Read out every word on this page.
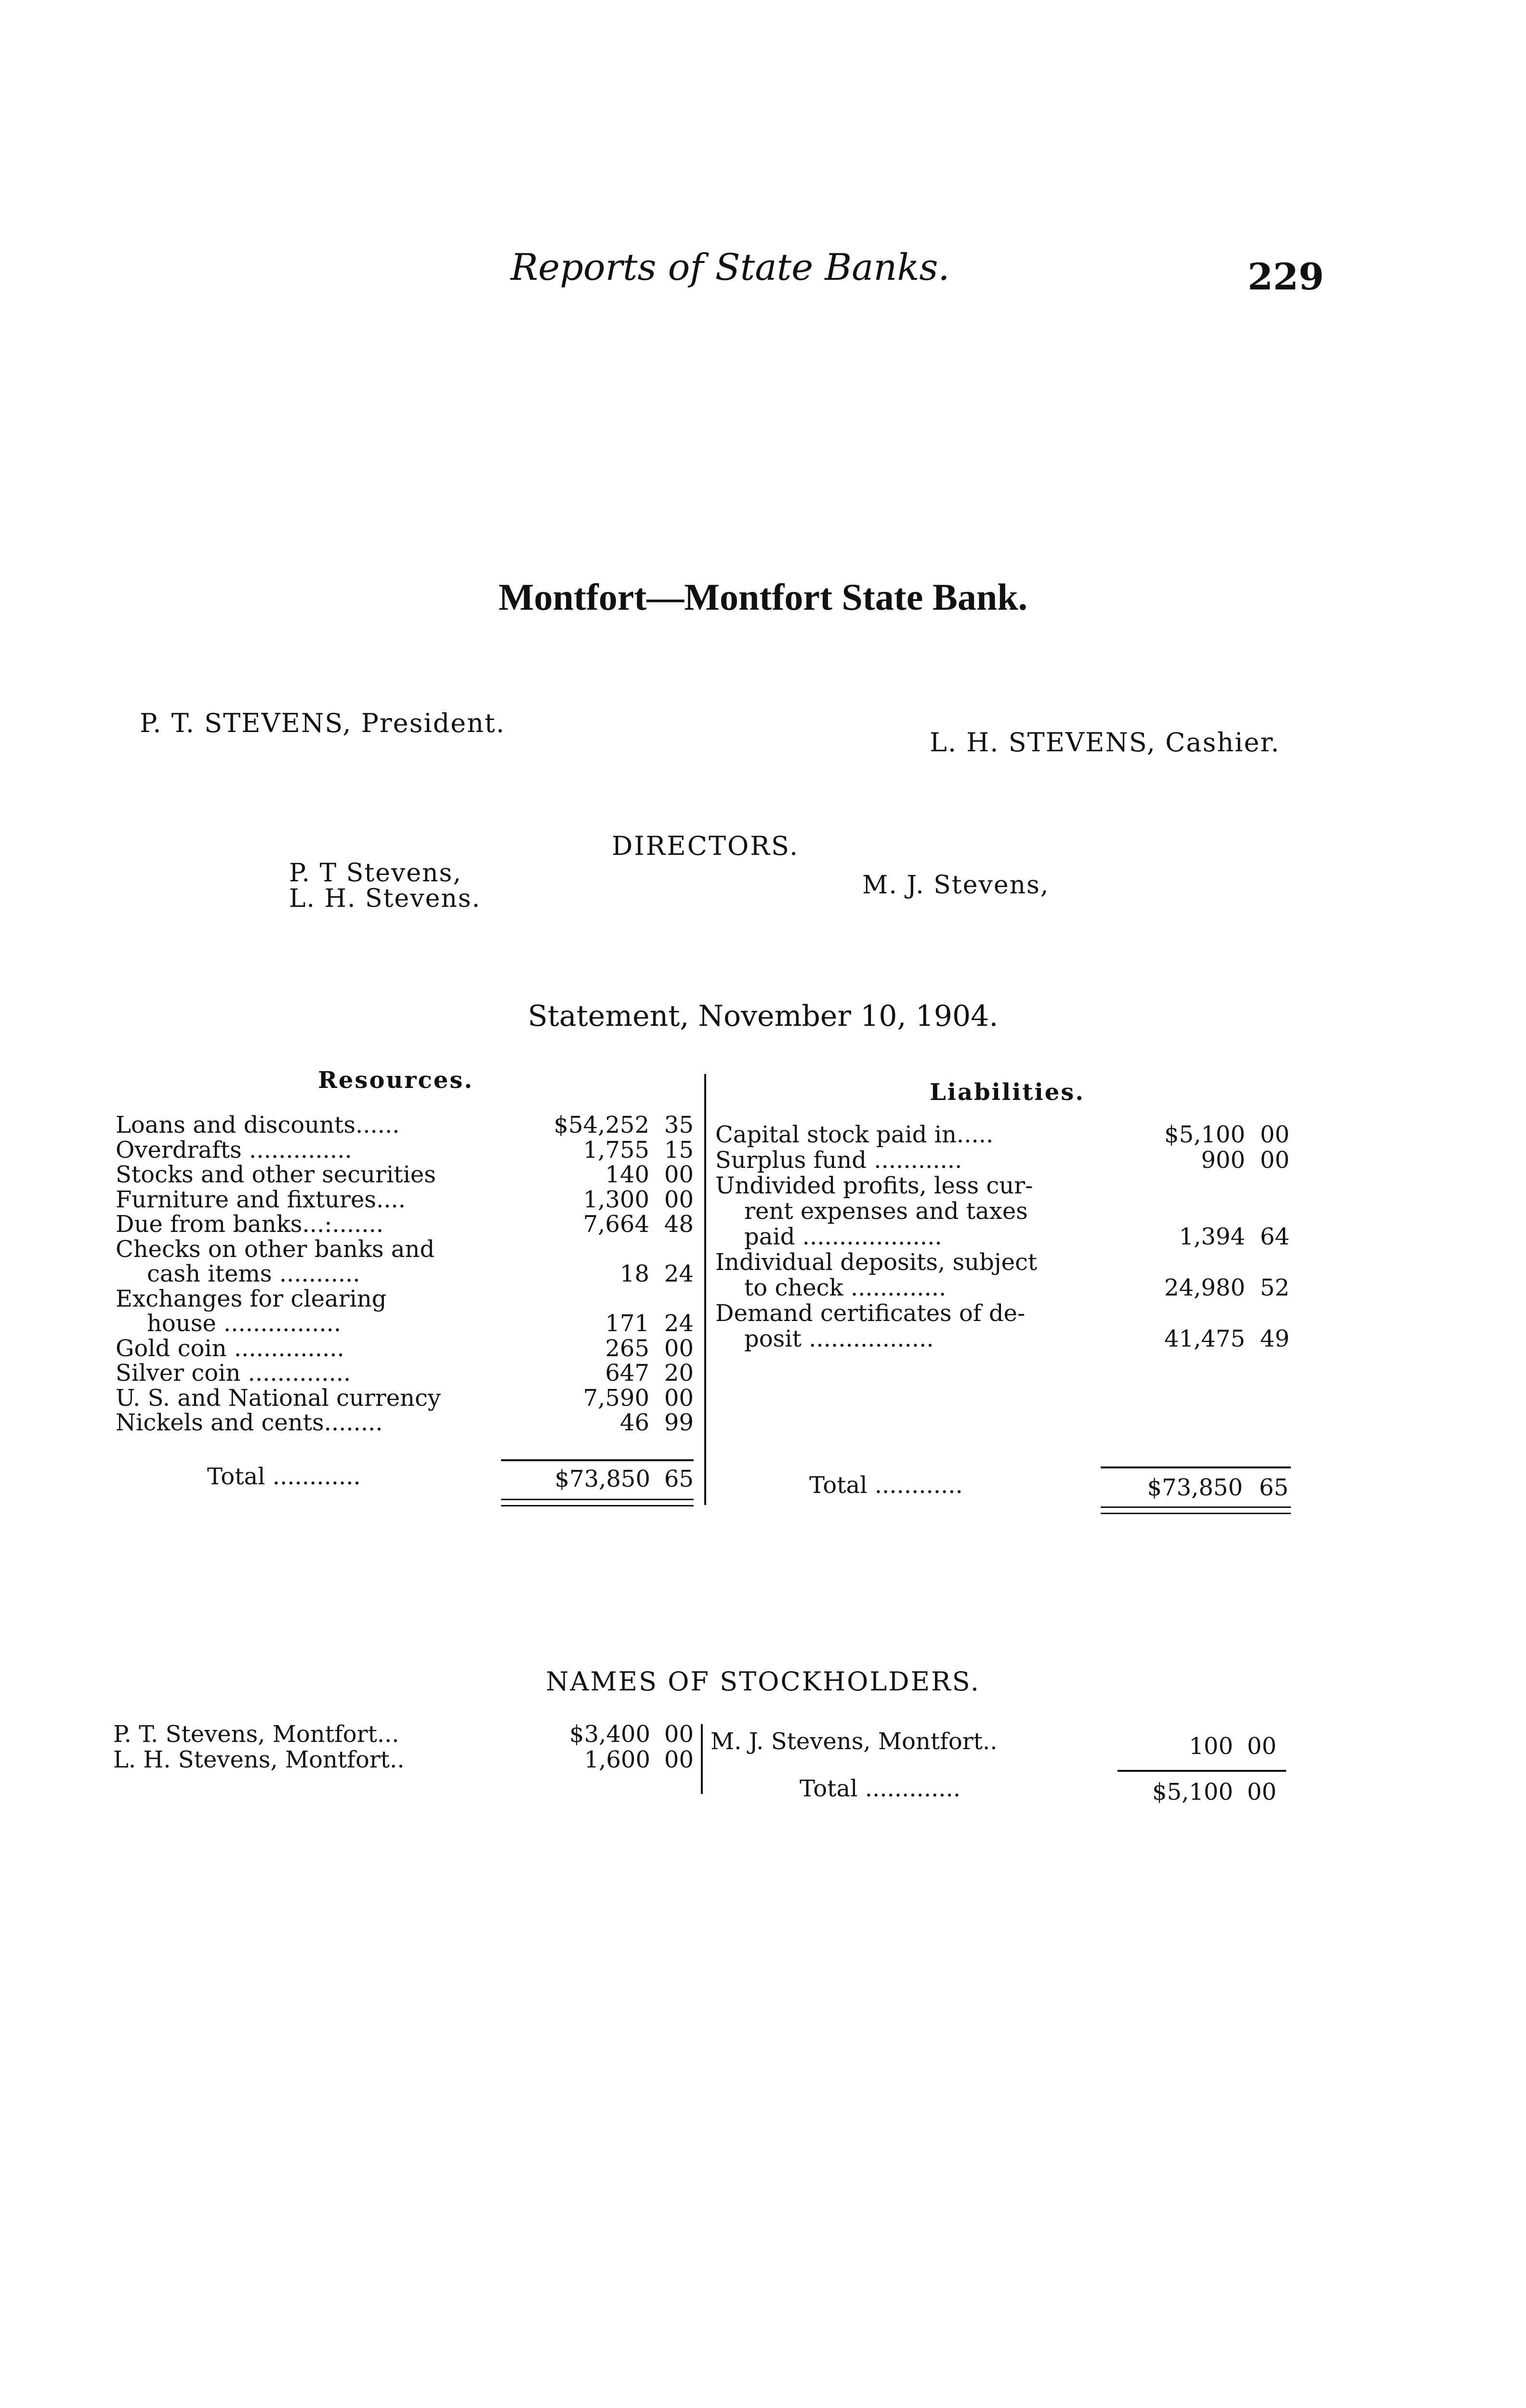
Reports of State Banks.	229
Montfort—Montfort State Bank.
P. T. STEVENS, President.
L. H. STEVENS, Cashier.
DIRECTORS.
P. T Stevens,
L. H. Stevens.	M. J. Stevens,
Statement, November 10, 1904.
Resources.	Liabilities.
Loans and discounts......	$54,252 35
Overdrafts ..............	1,755 15
Stocks and other securities	140 00
Furniture and fixtures....	1,300 00
Due from banks...:.......	7,664 48
Checks on other banks and
cash items ...........	18 24
Exchanges for clearing
house ................	171 24
Gold coin ...............	265 00
Silver coin ..............	647 20
U. S. and National currency	7,590 00
Nickels and cents........	46 99
Capital stock paid in.....	$5,100 00
Surplus fund ............	900 00
Undivided profits, less cur-
rent expenses and taxes
paid ...................	1,394 64
Individual deposits, subject
to check .............	24,980 52
Demand certificates of de-
posit .................	41,475 49
Total ............	$73,850 65	Total ............	$73,850 65
NAMES OF STOCKHOLDERS.
P. T. Stevens, Montfort...	$3,400 00
L. H. Stevens, Montfort..	1,600 00
M. J. Stevens, Montfort..	100 00
Total .............	$5,100 00
